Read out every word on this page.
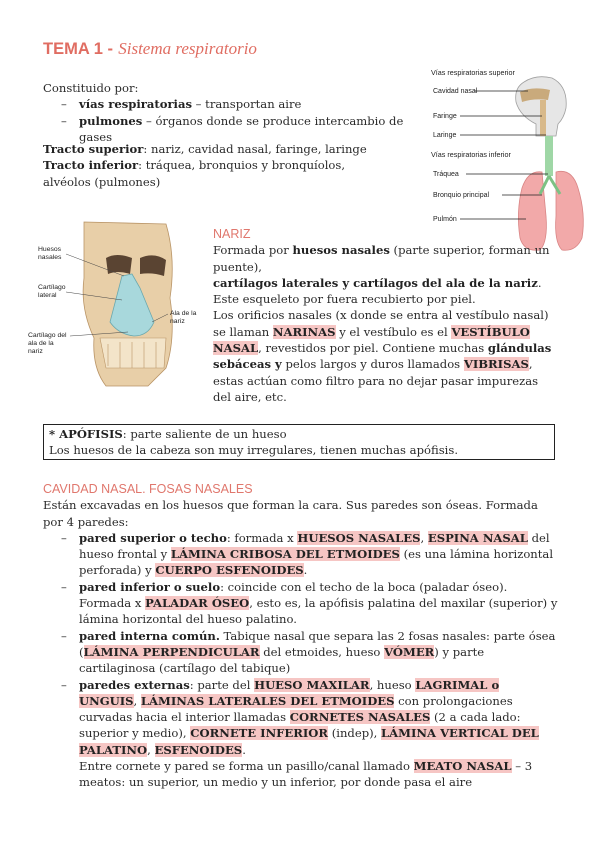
TEMA 1 - Sistema respiratorio
Constituido por:
– vías respiratorias – transportan aire
– pulmones – órganos donde se produce intercambio de gases
Tracto superior: nariz, cavidad nasal, faringe, laringe
Tracto inferior: tráquea, bronquios y bronquíolos, alvéolos (pulmones)
Vías respiratorias superior
Vías respiratorias inferior
Cavidad nasal
Faringe
Laringe
Tráquea
Bronquio principal
Pulmón
Huesos nasales
Cartílago lateral
Cartílago del ala de la nariz
Ala de la nariz
NARIZ
Formada por huesos nasales (parte superior, forman un puente),
cartílagos laterales y cartílagos del ala de la nariz. Este esqueleto por fuera recubierto por piel.
Los orificios nasales (x donde se entra al vestíbulo nasal) se llaman NARINAS y el vestíbulo es el VESTÍBULO NASAL, revestidos por piel. Contiene muchas glándulas sebáceas y pelos largos y duros llamados VIBRISAS, estas actúan como filtro para no dejar pasar impurezas del aire, etc.
* APÓFISIS: parte saliente de un hueso
Los huesos de la cabeza son muy irregulares, tienen muchas apófisis.
CAVIDAD NASAL. FOSAS NASALES
Están excavadas en los huesos que forman la cara. Sus paredes son óseas. Formada por 4 paredes:
– pared superior o techo: formada x HUESOS NASALES, ESPINA NASAL del hueso frontal y LÁMINA CRIBOSA DEL ETMOIDES (es una lámina horizontal perforada) y CUERPO ESFENOIDES.
– pared inferior o suelo: coincide con el techo de la boca (paladar óseo). Formada x PALADAR ÓSEO, esto es, la apófisis palatina del maxilar (superior) y lámina horizontal del hueso palatino.
– pared interna común. Tabique nasal que separa las 2 fosas nasales: parte ósea (LÁMINA PERPENDICULAR del etmoides, hueso VÓMER) y parte cartilaginosa (cartílago del tabique)
– paredes externas: parte del HUESO MAXILAR, hueso LAGRIMAL o UNGUIS, LÁMINAS LATERALES DEL ETMOIDES con prolongaciones curvadas hacia el interior llamadas CORNETES NASALES (2 a cada lado: superior y medio), CORNETE INFERIOR (indep), LÁMINA VERTICAL DEL PALATINO, ESFENOIDES.
Entre cornete y pared se forma un pasillo/canal llamado MEATO NASAL – 3 meatos: un superior, un medio y un inferior, por donde pasa el aire
